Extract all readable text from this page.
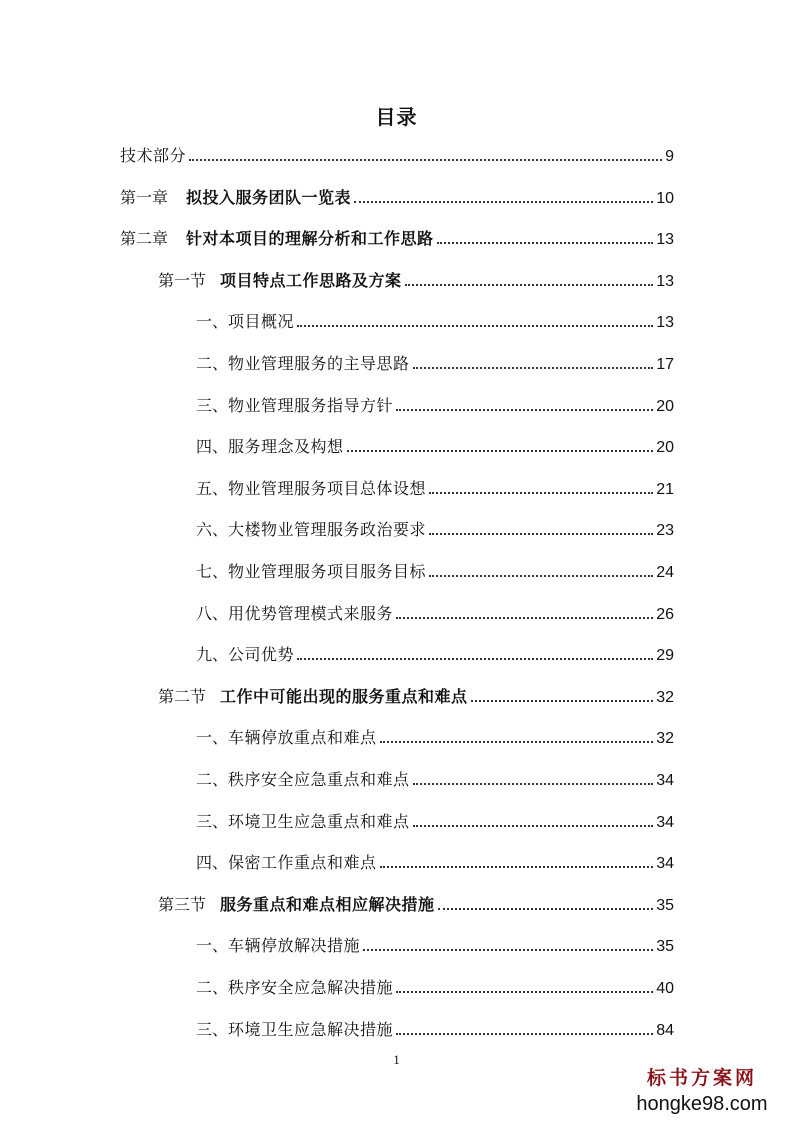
目录
技术部分	9
第一章 拟投入服务团队一览表	10
第二章 针对本项目的理解分析和工作思路	13
第一节 项目特点工作思路及方案	13
一、 项目概况	13
二、 物业管理服务的主导思路	17
三、 物业管理服务指导方针	20
四、 服务理念及构想	20
五、 物业管理服务项目总体设想	21
六、 大楼物业管理服务政治要求	23
七、 物业管理服务项目服务目标	24
八、 用优势管理模式来服务	26
九、 公司优势	29
第二节 工作中可能出现的服务重点和难点	32
一、 车辆停放重点和难点	32
二、 秩序安全应急重点和难点	34
三、 环境卫生应急重点和难点	34
四、 保密工作重点和难点	34
第三节 服务重点和难点相应解决措施	35
一、 车辆停放解决措施	35
二、 秩序安全应急解决措施	40
三、 环境卫生应急解决措施	84
1
标书方案网
hongke98.com
